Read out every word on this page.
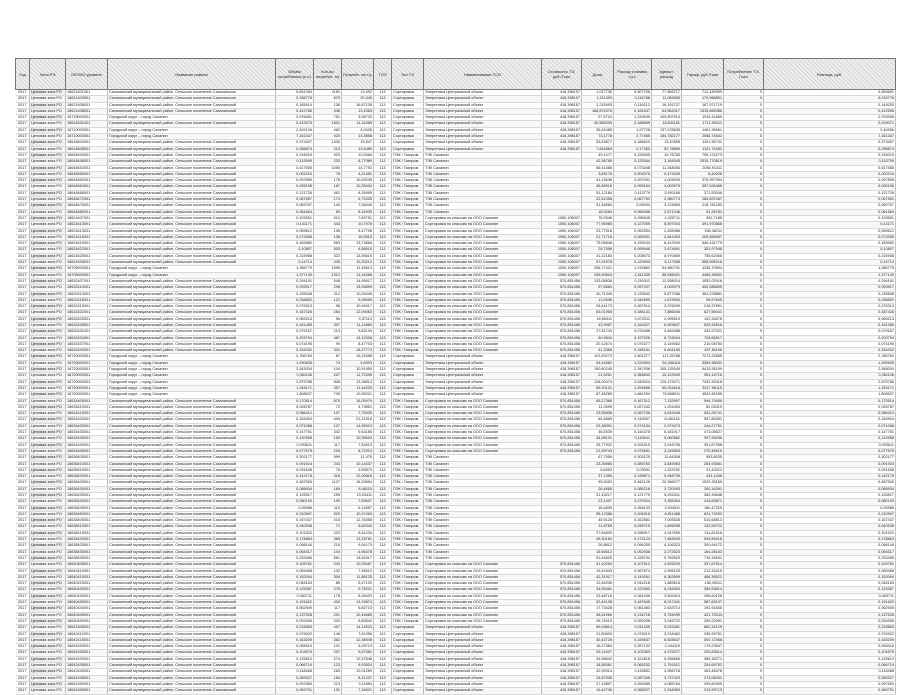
Год	Зона РЭ	ОКТМО уровень	Название района	Объём потребления (с.з.)	Кол-во потребит. т/у	Потребл. на т/у	ТСО	Тип ТЭ	Наименование ТСО	Стоимость ТЭ, руб./Гкал	Доля	Расход топлива, т.у.т.	Удельн. расход	Тариф, руб./Гкал	Потребление ТЭ, Гкал	Разница, руб.
2017	Ценовая зона РО	18621401001	Сахалинский муниципальный район, Сельское поселение Сахалинское	0,631394	1181	13,492	113	Сортировка	Энергетика Центральный объект	418,398157	1,017736	0,507706	77,566717	712,449399	0	0,063691
2017	Ценовая зона РО	18621403001	Сахалинский муниципальный район, Сельское поселение Сахалинское	0,156778	575	20,345	113	Сортировка	Энергетика Центральный объект	418,398157	1,211393	0,116788	11,089855	179,968891	0	0,015776
2017	Ценовая зона РО	18621406001	Сахалинский муниципальный район, Сельское поселение Сахалинский	0,165914	136	16,67139	113	Сортировка	Энергетика Центральный объект	418,398157	1,215493	0,116212	16,191727	167,571719	0	0,149253
2017	Ценовая зона РО	18621408001	Сахалинский муниципальный район, Сельское поселение Сахалинский	0,412786	448	13,4363	113	Сортировка	Энергетика Центральный объект	418,398157	166,874376	0,164347	64,564317	1515,869386	0	0,412596
2017	Ценовая зона РО	18715000001	Городской округ – город Сахалин	2,976651	751	3,96725	113	Сортировка	Энергетика Центральный объект	418,398157	97,6724	1,319949	109,807914	1515,11669	0	2,978998
2017	Ценовая зона РО	18616431001	Сахалинский муниципальный район, Сельское поселение Сахалинский	0,419375	1501	11,16465	113	Сортировка	Энергетика Центральный объект	418,398157	40,565205	0,186699	18,831181	1712,90211	0	0,019071
2017	Ценовая зона РО	18710000001	Городской округ – город Сахалин	2,402106	462	4,0426	113	Сортировка	Энергетика Центральный объект	418,398157	36,62485	1,97728	137,578835	1461,95651	0	2,40266
2017	Ценовая зона РО	18710000001	Городской округ – город Сахалин	7,161347	920	13,3858	113	Сортировка	Энергетика Центральный объект	418,398157	73,1776	2,77465	154,782177	2058,74542	0	7,161347
2017	Ценовая зона РО	18618404001	Сахалинский муниципальный район, Сельское поселение Сахалинский	0,373407	1330	15,547	113	Сортировка	Энергетика Центральный объект	418,398157	53,53877	0,186629	13,10595	1101,55731	0	0,373407
2017	Ценовая зона РО	18618408001	Сахалинский муниципальный район, Сельское поселение Сахалинский	0,286874	213	13,4489	113	Сортировка	Энергетика Центральный объект	418,398157	7,816863	0,17353	52,78869	1101,74462	0	0,296874
2017	Ценовая зона РО	18648440001	Сахалинский муниципальный район, Сельское поселение Сахалинский	0,216015	920	12,5466	113	ПЭК / Газпром	ТЭК Сахалин		49,1477	0,126405	10,76783	795,174273	0	0,216015
2017	Ценовая зона РО	18648448001	Сахалинский муниципальный район, Сельское поселение Сахалинский	0,115599	233	8,77089	113	ПЭК / Газпром	ТЭК Сахалин		42,36785	0,125344	3,164545	2515,770819	0	0,115759
2017	Ценовая зона РО	18648452001	Сахалинский муниципальный район, Сельское поселение Сахалинский	0,617565	1050	14,7792	113	ПЭК / Газпром	ТЭК Сахалин		56,41385	0,073448	11,348054	2056,91311	0	0,617565
2017	Ценовая зона РО	18648456001	Сахалинский муниципальный район, Сельское поселение Сахалинский	0,002216	76	4,21451	113	ПЭК / Газпром	ТЭК Сахалин		3,65176	0,004375	0,473445	8,40026	0	0,002216
2017	Ценовая зона РО	18648460001	Сахалинский муниципальный район, Сельское поселение Сахалинский	0,097895	176	10,59235	113	ПЭК / Газпром	ТЭК Сахалин		41,13538	0,097931	4,003039	375,997394	0	0,097895
2017	Ценовая зона РО	18648464001	Сахалинский муниципальный район, Сельское поселение Сахалинский	0,095198	167	10,39434	113	ПЭК / Газпром	ТЭК Сахалин		36,56916	0,099164	4,009975	357,534466	0	0,095198
2017	Ценовая зона РО	18648468001	Сахалинский муниципальный район, Сельское поселение Сахалинский	0,121726	461	8,26995	113	ПЭК / Газпром	ТЭК Сахалин		51,12184	0,113779	5,591166	371,53046	0	0,121726
2017	Ценовая зона РО	18648472001	Сахалинский муниципальный район, Сельское поселение Сахалинский	0,067557	174	6,73325	113	ПЭК / Газпром	ТЭК Сахалин		22,51358	0,067753	2,980773	183,897087	0	0,067551
2017	Ценовая зона РО	18648476001	Сахалинский муниципальный район, Сельское поселение Сахалинский	0,069767	140	7,08446	113	ПЭК / Газпром	ТЭК Сахалин		31,46584	0,06944	3,124894	218,781253	0	0,069767
2017	Ценовая зона РО	18648480001	Сахалинский муниципальный район, Сельское поселение Сахалинский	0,061664	80	8,16935	113	ПЭК / Газпром	ТЭК Сахалин		18,3284	0,066458	2,671246	51,26781	0	0,061664
2017	Ценовая зона РО	18624407001	Сахалинский муниципальный район, Сельское поселение Сахалинский	0,103551	512	7,69791	113	ПЭК / Газпром	Сортировка по классам на ООО Сахалин	1050,106007	78,9346	0,096545	4,325711	352,7185	0	0,103551
2017	Ценовая зона РО	18624410001	Сахалинский муниципальный район, Сельское поселение Сахалинский	0,141171	443	10,7978	113	ПЭК / Газпром	Сортировка по классам на ООО Сахалин	1050,106007	77,96985	0,127059	5,597004	491,970866	0	0,14171
2017	Ценовая зона РО	18624413001	Сахалинский муниципальный район, Сельское поселение Сахалинский	0,059612	108	5,47798	113	ПЭК / Газпром	Сортировка по классам на ООО Сахалин	1050,106007	23,77516	0,052554	2,436986	156,46211	0	0,059612
2017	Ценовая зона РО	18624416001	Сахалинский муниципальный район, Сельское поселение Сахалинский	0,073265	138	16,0515	113	ПЭК / Газпром	Сортировка по классам на ООО Сахалин	1050,106007	21,71716	0,083951	2,841303	209,855967	0	0,073265
2017	Ценовая зона РО	18624419001	Сахалинский муниципальный район, Сельское поселение Сахалинский	0,183982	553	13,73866	113	ПЭК / Газпром	Сортировка по классам на ООО Сахалин	1050,106007	75,05848	0,195244	8,412009	540,431779	0	0,183982
2017	Ценовая зона РО	18624422001	Сахалинский муниципальный район, Сельское поселение Сахалинский	0,10807	503	6,58515	113	ПЭК / Газпром	Сортировка по классам на ООО Сахалин	1050,106007	26,7598	0,099948	3,874691	351,97948	0	0,10807
2017	Ценовая зона РО	18624425001	Сахалинский муниципальный район, Сельское поселение Сахалинский	0,215958	522	13,95615	113	ПЭК / Газпром	Сортировка по классам на ООО Сахалин	1050,106007	41,22183	0,208573	8,970869	755,62068	0	0,215958
2017	Ценовая зона РО	18624428001	Сахалинский муниципальный район, Сельское поселение Сахалинский	0,14714	435	10,20213	113	ПЭК / Газпром	Сортировка по классам на ООО Сахалин	1050,106007	57,91578	0,129993	6,117558	555,595216	0	0,14714
2017	Ценовая зона РО	18705000001	Городской округ – город Сахалин	1,286779	1996	11,45614	113	ПЭК / Газпром	Сортировка по классам на ООО Сахалин	1050,106007	256,77421	1,215862	54,980791	4235,70694	0	1,286779
2017	Ценовая зона РО	18705000001	Городской округ – город Сахалин	1,377139	1312	11,16366	113	ПЭК / Газпром	Сортировка по классам на ООО Сахалин	1050,106007	205,90616	1,341339	55,536001	4465,39831	0	1,377139
2017	Ценовая зона РО	18632407001	Сахалинский муниципальный район, Сельское поселение Сахалинский	0,294191	548	14,95617	113	ПЭК / Газпром	Сортировка по классам на ООО Сахалин	570,851456	133,05836	0,291911	12,538014	1052,02916	0	0,294191
2017	Ценовая зона РО	18632410001	Сахалинский муниципальный район, Сельское поселение Сахалинский	0,093917	298	15,05899	113	ПЭК / Газпром	Сортировка по классам на ООО Сахалин	570,851456	97,6584	0,097037	4,005979	400,585895	0	0,093917
2017	Ценовая зона РО	18632413001	Сахалинский муниципальный район, Сельское поселение Сахалинский	0,135548	312	10,05446	113	ПЭК / Газпром	Сортировка по классам на ООО Сахалин	570,851456	40,71345	0,133542	5,877066	463,978881	0	0,135548
2017	Ценовая зона РО	18632416001	Сахалинский муниципальный район, Сельское поселение Сахалинский	0,036652	121	5,08995	113	ПЭК / Газпром	Сортировка по классам на ООО Сахалин	570,851456	13,2536	0,044599	1,679054	95,57645	0	0,036652
2017	Ценовая зона РО	18632419001	Сахалинский муниципальный район, Сельское поселение Сахалинский	0,076313	96	10,94617	113	ПЭК / Газпром	Сортировка по классам на ООО Сахалин	570,851456	28,44173	0,067514	3,376099	218,37891	0	0,076313
2017	Ценовая зона РО	18632422001	Сахалинский муниципальный район, Сельское поселение Сахалинский	0,187426	284	12,09463	113	ПЭК / Газпром	Сортировка по классам на ООО Сахалин	570,851456	63,01966	0,186131	7,886046	627,56041	0	0,187426
2017	Ценовая зона РО	18632425001	Сахалинский муниципальный район, Сельское поселение Сахалинский	0,069213	96	9,37114	113	ПЭК / Газпром	Сортировка по классам на ООО Сахалин	570,851456	18,50011	0,072011	2,905519	192,34876	0	0,069213
2017	Ценовая зона РО	18632428001	Сахалинский муниципальный район, Сельское поселение Сахалинский	0,161485	397	11,14883	113	ПЭК / Газпром	Сортировка по классам на ООО Сахалин	570,851456	43,3957	0,164327	6,929637	525,34516	0	0,161485
2017	Ценовая зона РО	18632431001	Сахалинский муниципальный район, Сельское поселение Сахалинский	0,079167	213	9,82104	113	ПЭК / Газпром	Сортировка по классам на ООО Сахалин	570,851456	27,81743	0,076488	3,469488	263,97321	0	0,079167
2017	Ценовая зона РО	18632434001	Сахалинский муниципальный район, Сельское поселение Сахалинский	0,203794	487	14,12008	113	ПЭК / Газпром	Сортировка по классам на ООО Сахалин	570,851456	60,9844	0,197926	8,728044	704,66517	0	0,203794
2017	Ценовая зона РО	18632437001	Сахалинский муниципальный район, Сельское поселение Сахалинский	0,074195	99	8,47703	113	ПЭК / Газпром	Сортировка по классам на ООО Сахалин	570,851456	20,12674	0,074377	3,149062	210,08754	0	0,074195
2017	Ценовая зона РО	18632440001	Сахалинский муниципальный район, Сельское поселение Сахалинский	0,154332	341	16,27773	113	ПЭК / Газпром	Сортировка по классам на ООО Сахалин	570,851456	41,3368	0,156161	6,604183	457,81196	0	0,154332
2017	Ценовая зона РО	18720000001	Городской округ – город Сахалин	2,786784	87	16,21658	113	Сортировка	Энергетика Центральный объект	418,398157	101,63273	2,601377	117,25786	7273,22665	0	2,786784
2017	Ценовая зона РО	18720000001	Городской округ – город Сахалин	1,290635	74	4,6303	113	Сортировка	Энергетика Центральный объект	418,398157	54,44582	1,222904	54,336118	3359,98331	0	1,290635
2017	Ценовая зона РО	18720000001	Городской округ – город Сахалин	2,543034	104	10,91955	113	Сортировка	Энергетика Центральный объект	418,398157	150,60245	2,347938	105,125549	6415,55199	0	2,548004
2017	Ценовая зона РО	18720000001	Городской округ – город Сахалин	0,361106	207	11,72395	113	Сортировка	Энергетика Центральный объект	418,398157	21,5251	0,356843	15,123949	951,14716	0	0,361106
2017	Ценовая зона РО	18720000001	Городской округ – город Сахалин	2,879786	838	13,38814	113	Сортировка	Энергетика Центральный объект	418,398157	128,00474	2,649924	120,479271	7442,53318	0	2,879786
2017	Ценовая зона РО	18720000001	Городской округ – город Сахалин	1,315171	357	11,44025	113	Сортировка	Энергетика Центральный объект	418,398157	59,20131	1,294658	55,024618	3317,96115	0	1,315171
2017	Ценовая зона РО	18720000001	Городской округ – город Сахалин	1,808537	739	10,95221	113	Сортировка	Энергетика Центральный объект	418,398157	87,48265	1,681294	75,668011	4532,81535	0	1,808537
2017	Ценовая зона РО	18634405001	Сахалинский муниципальный район, Сельское поселение Сахалинский	0,170514	870	16,05979	113	ПЭК / Газпром	Сортировка по классам на ООО Сахалин	570,851456	65,27366	0,167312	7,133997	594,79459	0	0,170514
2017	Ценовая зона РО	18634410001	Сахалинский муниципальный район, Сельское поселение Сахалинский	0,028787	72	4,73851	113	ПЭК / Газпром	Сортировка по классам на ООО Сахалин	570,851456	11,2695	0,027443	1,204494	82,05319	0	0,028787
2017	Ценовая зона РО	18634415001	Сахалинский муниципальный район, Сельское поселение Сахалинский	0,086412	197	7,75935	113	ПЭК / Газпром	Сортировка по классам на ООО Сахалин	570,851456	23,55838	0,087236	3,615446	261,25741	0	0,086412
2017	Ценовая зона РО	18634420001	Сахалинский муниципальный район, Сельское поселение Сахалинский	0,154904	404	21,21518	113	ПЭК / Газпром	Сортировка по классам на ООО Сахалин	570,851456	64,6869	0,149057	6,481161	567,89351	0	0,154904
2017	Ценовая зона РО	18634425001	Сахалинский муниципальный район, Сельское поселение Сахалинский	0,071068	107	14,95913	113	ПЭК / Газпром	Сортировка по классам на ООО Сахалин	570,851456	23,38391	0,074134	2,973473	244,27751	0	0,071068
2017	Ценовая зона РО	18634430001	Сахалинский муниципальный район, Сельское поселение Сахалинский	0,147751	342	9,63185	113	ПЭК / Газпром	Сортировка по классам на ООО Сахалин	570,851456	48,4539	0,144478	6,181917	473,05627	0	0,147751
2017	Ценовая зона РО	18634435001	Сахалинский муниципальный район, Сельское поселение Сахалинский	0,120958	150	10,35693	113	ПЭК / Газпром	Сортировка по классам на ООО Сахалин	570,851456	34,98131	0,116541	5,060882	397,59436	0	0,120958
2017	Ценовая зона РО	18634440001	Сахалинский муниципальный район, Сельское поселение Сахалинский	0,093611	117	7,54613	113	ПЭК / Газпром	Сортировка по классам на ООО Сахалин	570,851456	25,77932	0,094315	3,916706	301,67358	0	0,093611
2017	Ценовая зона РО	18634445001	Сахалинский муниципальный район, Сельское поселение Сахалинский	0,077575	216	8,72313	113	ПЭК / Газпром	Сортировка по классам на ООО Сахалин	570,851456	21,99743	0,075651	3,245853	270,46519	0	0,077575
2017	Ценовая зона РО	18636405001	Сахалинский муниципальный район, Сельское поселение Сахалинский	0,302177	999	11,476	113	ПЭК / Газпром	ТЭК Сахалин		67,7556	0,303125	12,64308	953,8035	0	0,302177
2017	Ценовая зона РО	18636410001	Сахалинский муниципальный район, Сельское поселение Сахалинский	0,091924	243	10,14437	113	ПЭК / Газпром	ТЭК Сахалин		23,26985	0,089763	3,845983	283,93581	0	0,091924
2017	Ценовая зона РО	18636415001	Сахалинский муниципальный район, Сельское поселение Сахалинский	0,031638	76	3,55873	113	ПЭК / Газпром	ТЭК Сахалин		8,6553	0,03091	1,323762	91,43322	0	0,031638
2017	Ценовая зона РО	18636420001	Сахалинский муниципальный район, Сельское поселение Сахалинский	0,142176	316	12,00816	113	ПЭК / Газпром	ТЭК Сахалин		37,1356	0,139871	5,948739	431,1448	0	0,142176
2017	Ценовая зона РО	18636425001	Сахалинский муниципальный район, Сельское поселение Сахалинский	0,487526	1127	16,23994	113	ПЭК / Газпром	ТЭК Сахалин		99,3453	0,482128	20,396977	1529,33165	0	0,487526
2017	Ценовая зона РО	18636430001	Сахалинский муниципальный район, Сельское поселение Сахалинский	0,088934	169	8,46115	113	ПЭК / Газпром	ТЭК Сахалин		26,4568	0,086218	3,720993	260,16391	0	0,088934
2017	Ценовая зона РО	18636435001	Сахалинский муниципальный район, Сельское поселение Сахалинский	0,126517	255	13,03411	113	ПЭК / Газпром	ТЭК Сахалин		31,43217	0,121775	5,293341	389,39648	0	0,126517
2017	Ценовая зона РО	18636440001	Сахалинский муниципальный район, Сельское поселение Сахалинский	0,080193	190	7,59637	113	ПЭК / Газпром	ТЭК Сахалин		22,1497	0,079324	3,355264	243,63871	0	0,080193
2017	Ценовая зона РО	18636445001	Сахалинский муниципальный район, Сельское поселение Сахалинский	0,05986	110	6,14557	113	ПЭК / Газпром	ТЭК Сахалин		16,4839	0,058133	2,504511	180,47329	0	0,05986
2017	Ценовая зона РО	18636450001	Сахалинский муниципальный район, Сельское поселение Сахалинский	0,210597	520	10,97463	113	ПЭК / Газпром	ТЭК Сахалин		55,12386	0,206918	8,811488	631,73052	0	0,210597
2017	Ценовая зона РО	18638405001	Сахалинский муниципальный район, Сельское поселение Сахалинский	0,167437	415	12,76558	113	ПЭК / Газпром	ТЭК Сахалин		45,9126	0,162581	7,005528	510,68813	0	0,167437
2017	Ценовая зона РО	18638410001	Сахалинский муниципальный район, Сельское поселение Сахалинский	0,040538	71	5,62044	113	ПЭК / Газпром	ТЭК Сахалин		11,8769	0,039715	1,696098	120,59722	0	0,040538
2017	Ценовая зона РО	18638415001	Сахалинский муниципальный район, Сельское поселение Сахалинский	0,101522	223	8,61234	113	ПЭК / Газпром	ТЭК Сахалин		27,64839	0,098917	4,247659	311,81516	0	0,101522
2017	Ценовая зона РО	18638420001	Сахалинский муниципальный район, Сельское поселение Сахалинский	0,178863	365	13,33781	113	ПЭК / Газпром	ТЭК Сахалин		49,30182	0,174124	7,483549	549,89418	0	0,178863
2017	Ценовая зона РО	18638425001	Сахалинский муниципальный район, Сельское поселение Сахалинский	0,098144	215	9,94173	113	ПЭК / Газпром	ТЭК Сахалин		26,8812	0,096255	4,106323	300,94172	0	0,098144
2017	Ценовая зона РО	18638430001	Сахалинский муниципальный район, Сельское поселение Сахалинский	0,054317	104	6,96478	113	ПЭК / Газпром	ТЭК Сахалин		15,54612	0,052936	2,272623	164,28163	0	0,054317
2017	Ценовая зона РО	18638435001	Сахалинский муниципальный район, Сельское поселение Сахалинский	0,233496	561	14,64317	113	ПЭК / Газпром	ТЭК Сахалин		61,64825	0,228734	9,769523	716,16541	0	0,233496
2017	Ценовая зона РО	18640405001	Сахалинский муниципальный район, Сельское поселение Сахалинский	0,109781	243	10,05467	113	ПЭК / Газпром	Сортировка по классам на ООО Сахалин	570,851456	31,10254	0,107612	4,593209	337,67914	0	0,109781
2017	Ценовая зона РО	18640410001	Сахалинский муниципальный район, Сельское поселение Сахалинский	0,069458	132	7,38512	113	ПЭК / Газпром	Сортировка по классам на ООО Сахалин	570,851456	19,41843	0,067874	2,906103	212,33415	0	0,069458
2017	Ценовая зона РО	18640415001	Сахалинский муниципальный район, Сельское поселение Сахалинский	0,152094	304	11,86125	113	ПЭК / Газпром	Сортировка по классам на ООО Сахалин	570,851456	42,31917	0,149261	6,363599	466,36521	0	0,152094
2017	Ценовая зона РО	18640420001	Сахалинский муниципальный район, Сельское поселение Сахалинский	0,045163	85	5,47102	113	ПЭК / Газпром	Сортировка по классам на ООО Сахалин	570,851456	12,84936	0,044218	1,889618	138,49011	0	0,045163
2017	Ценовая зона РО	18640425001	Сахалинский муниципальный район, Сельское поселение Сахалинский	0,125387	276	9,78221	113	ПЭК / Газпром	Сортировка по классам на ООО Сахалин	570,851456	34,90461	0,122963	5,246054	384,53814	0	0,125387
2017	Ценовая зона РО	18640430001	Сахалинский муниципальный район, Сельское поселение Сахалинский	0,083711	178	8,06429	113	ПЭК / Газпром	Сортировка по классам на ООО Сахалин	570,851456	23,48718	0,081946	3,502414	256,60128	0	0,083711
2017	Ценовая зона РО	18640435001	Сахалинский муниципальный район, Сельское поселение Сахалинский	0,191622	432	13,15874	113	ПЭК / Газпром	Сортировка по классам на ООО Сахалин	570,851456	52,44198	0,187645	8,017341	587,63107	0	0,191622
2017	Ценовая зона РО	18640440001	Сахалинский муниципальный район, Сельское поселение Сахалинский	0,062949	117	6,82713	113	ПЭК / Газпром	Сортировка по классам на ООО Сахалин	570,851456	17,73428	0,061483	2,633714	192,91846	0	0,062949
2017	Ценовая зона РО	18640445001	Сахалинский муниципальный район, Сельское поселение Сахалинский	0,137528	291	10,44685	113	ПЭК / Газпром	Сортировка по классам на ООО Сахалин	570,851456	38,51966	0,134718	5,754099	421,75243	0	0,137528
2017	Ценовая зона РО	18640450001	Сахалинский муниципальный район, Сельское поселение Сахалинский	0,094306	203	8,83542	113	ПЭК / Газпром	Сортировка по классам на ООО Сахалин	570,851456	26,74019	0,092298	3,945722	289,22091	0	0,094306
2017	Ценовая зона РО	18642405001	Сахалинский муниципальный район, Сельское поселение Сахалинский	0,215863	497	14,14523	113	Сортировка	Энергетика Центральный объект	418,398157	59,93814	0,211405	9,031681	662,34129	0	0,215863
2017	Ценовая зона РО	18642410001	Сахалинский муниципальный район, Сельское поселение Сахалинский	0,076922	148	7,61356	113	Сортировка	Энергетика Центральный объект	418,398157	21,50693	0,075219	3,218462	235,99751	0	0,076922
2017	Ценовая зона РО	18642415001	Сахалинский муниципальный район, Сельское поселение Сахалинский	0,163209	362	12,38945	113	Сортировка	Энергетика Центральный объект	418,398157	45,43728	0,159837	6,828637	500,72368	0	0,163209
2017	Ценовая зона РО	18642420001	Сахалинский муниципальный район, Сельское поселение Сахалинский	0,058416	101	6,28713	113	Сортировка	Энергетика Центральный объект	418,398157	16,27384	0,057132	2,444119	179,23547	0	0,058416
2017	Ценовая зона РО	18642425001	Сахалинский муниципальный район, Сельское поселение Сахалинский	0,104575	237	9,67381	113	Сортировка	Энергетика Центральный объект	418,398157	29,14427	0,102363	4,375377	320,83614	0	0,104575
2017	Ценовая зона РО	18642430001	Сахалинский муниципальный район, Сельское поселение Сахалинский	0,125612	274	10,37548	113	Сортировка	Энергетика Центральный объект	418,398157	34,98642	0,122816	5,255665	385,38271	0	0,125612
2017	Ценовая зона РО	18642435001	Сахалинский муниципальный район, Сельское поселение Сахалинский	0,066719	123	6,93524	113	Сортировка	Энергетика Центральный объект	418,398157	18,58361	0,065232	2,791521	204,69752	0	0,066719
2017	Ценовая зона РО	18642440001	Сахалинский муниципальный район, Сельское поселение Сахалинский	0,118468	263	10,01269	113	Сортировка	Энергетика Центральный объект	418,398157	32,99314	0,115851	4,956718	363,46378	0	0,118468
2017	Ценовая зона РО	18642445001	Сахалинский муниципальный район, Сельское поселение Сахалинский	0,089327	184	8,41237	113	Сортировка	Энергетика Центральный объект	418,398157	24,87936	0,087346	3,737423	274,06051	0	0,089327
2017	Ценовая зона РО	18642450001	Сахалинский муниципальный район, Сельское поселение Сахалинский	0,097653	213	9,11854	113	Сортировка	Энергетика Центральный объект	418,398157	27,19897	0,095489	4,085764	299,60499	0	0,097653
2017	Ценовая зона РО	18642455001	Сахалинский муниципальный район, Сельское поселение Сахалинский	0,069751	131	7,34521	113	Сортировка	Энергетика Центральный объект	418,398157	19,42706	0,068207	2,918369	213,99713	0	0,069751
